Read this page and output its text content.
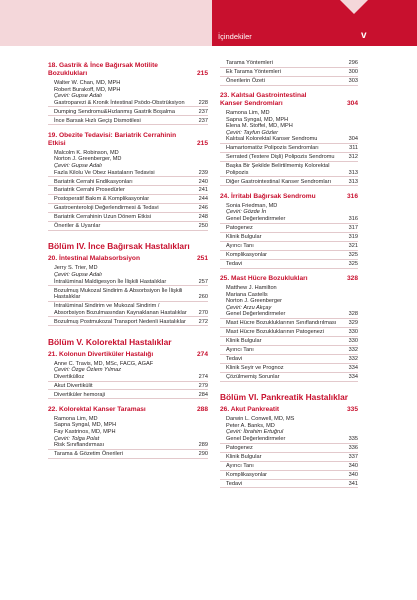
İçindekiler	v
18. Gastrik & İnce Bağırsak Motilite Bozuklukları	215
Walter W. Chan, MD, MPH
Robert Burakoff, MD, MPH
Çeviri: Gupse Adalı
Gastroparezi & Kronik İntestinal Psödo-Obstrüksiyon	228
Dumping Sendromu&Hızlanmış Gastrik Boşalma	237
İnce Barsak Hızlı Geçiş Dismotilesi	237
19. Obezite Tedavisi: Bariatrik Cerrahinin Etkisi	215
Malcolm K. Robinson, MD
Norton J. Greenberger, MD
Çeviri: Gupse Adalı
Fazla Kilolu Ve Obez Hastaların Tedavisi	239
Bariatrik Cerrahi Endikasyonları	240
Bariatrik Cerrahi Prosedürler	241
Postoperatif Bakım & Komplikasyonlar	244
Gastroenteroloji Değerlendirmesi & Tedavi	246
Bariatrik Cerrahinin Uzun Dönem Etkisi	248
Öneriler & Uyarılar	250
Bölüm IV. İnce Bağırsak Hastalıkları
20. İntestinal Malabsorbsiyon	251
Jerry S. Trier, MD
Çeviri: Gupse Adalı
İntralüminal Maldigesyon İle İlişkili Hastalıklar	257
Bozulmuş Mukozal Sindirim & Absorbsiyon İle İlişkili Hastalıklar	260
İntralüminal Sindirim ve Mukozal Sindirim / Absorbsiyon Bozulmasından Kaynaklanan Hastalıklar 270
Bozulmuş Postmukozal Transport Nedenli Hastalıklar 272
Bölüm V. Kolorektal Hastalıklar
21. Kolonun Divertiküler Hastalığı	274
Anne C. Travis, MD, MSc, FACG, AGAF
Çeviri: Özge Özlem Yılmaz
Divertikülloz	274
Akut Divertikülit	279
Divertiküler hemoraji	284
22. Kolorektal Kanser Taraması	288
Ramona Lim, MD
Sapna Syngal, MD, MPH
Fay Kastrinos, MD, MPH
Çeviri: Tolga Polat
Risk Sınıflandırması	289
Tarama & Gözetim Önerileri	290
Tarama Yöntemleri	296
Ek Tarama Yöntemleri	300
Önerilerin Özeti	303
23. Kalıtsal Gastrointestinal Kanser Sendromları	304
Ramona Lim, MD
Sapna Syngal, MD, MPH
Elena M. Stoffel, MD, MPH
Çeviri: Tayfun Gözler
Kalıtsal Kolorektal Kanser Sendromu	304
Hamartomatöz Polipozis Sendromları	311
Serrated (Testere Dişli) Polipozis Sendromu	312
Başka Bir Şekilde Belirtilmemiş Kolorektal Polipozis	313
Diğer Gastrointestinal Kanser Sendromları	313
24. İrritabl Bağırsak Sendromu	316
Sonia Friedman, MD
Çeviri: Gözde İn
Genel Değerlendirmeler	316
Patogenez	317
Klinik Bulgular	319
Ayırıcı Tanı	321
Komplikasyonlar	325
Tedavi	325
25. Mast Hücre Bozuklukları	328
Matthew J. Hamilton
Mariana Castells
Norton J. Greenberger
Çeviri: Arzu Akçay
Genel Değerlendirmeler	328
Mast Hücre Bozukluklarının Sınıflandırılması 329
Mast Hücre Bozukluklarının Patogenezi	330
Klinik Bulgular	330
Ayırıcı Tanı	332
Tedavi	332
Klinik Seyir ve Prognoz	334
Çözülmemiş Sorunlar	334
Bölüm VI. Pankreatik Hastalıklar
26. Akut Pankreatit	335
Darwin L. Conwell, MD, MS
Peter A. Banks, MD
Çeviri: İbrahim Ertuğrul
Genel Değerlendirmeler	335
Patogenez	336
Klinik Bulgular	337
Ayırıcı Tanı	340
Komplikasyonlar	340
Tedavi	341
